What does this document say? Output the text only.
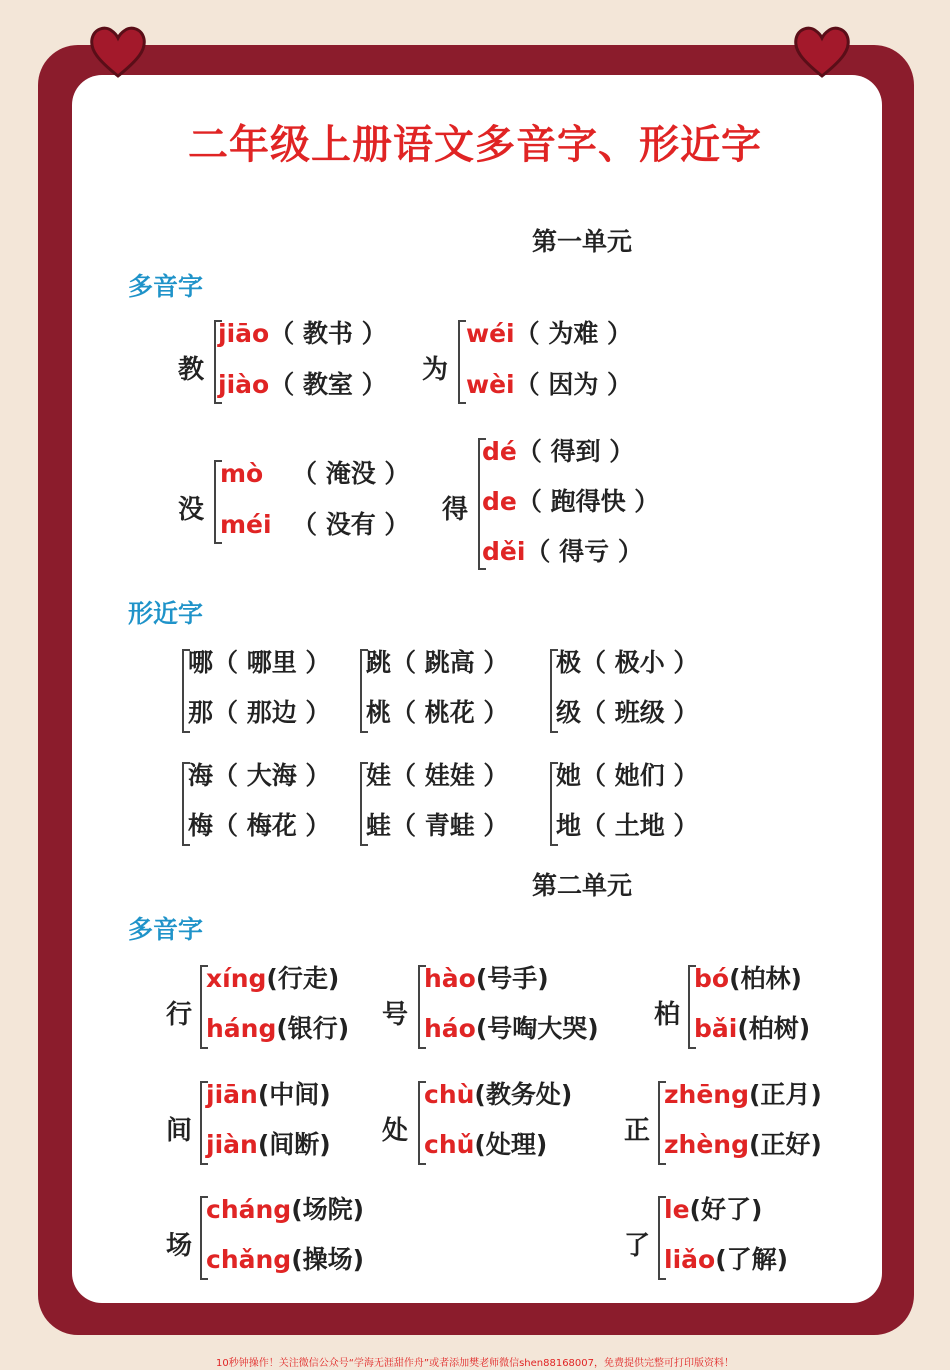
二年级上册语文多音字、形近字
第一单元
多音字
教
jiāo（ 教书 ）
jiào（ 教室 ） 为
wéi（ 为难 ）
wèi（ 因为 ）
没
mò （ 淹没 ）
méi （ 没有 ） 得
dé（ 得到 ）
de（ 跑得快 ）
děi（ 得亏 ）
形近字
哪（ 哪里 ）
那（ 那边 ）
跳（ 跳高 ）
桃（ 桃花 ）
极（ 极小 ）
级（ 班级 ）
海（ 大海 ）
梅（ 梅花 ）
娃（ 娃娃 ）
蛙（ 青蛙 ）
她（ 她们 ）
地（ 土地 ）
第二单元
多音字
行
xíng(行走)
háng(银行) 号
hào(号手)
háo(号啕大哭) 柏
bó(柏林)
bǎi(柏树)
间
jiān(中间)
jiàn(间断) 处
chù(教务处)
chǔ(处理)	正
zhēng(正月)
zhèng(正好)
场
cháng(场院)
chǎng(操场)	了
le(好了)
liǎo(了解)
10秒钟操作！关注微信公众号“学海无涯甜作舟”或者添加樊老师微信shen88168007，免费提供完整可打印版资料！
